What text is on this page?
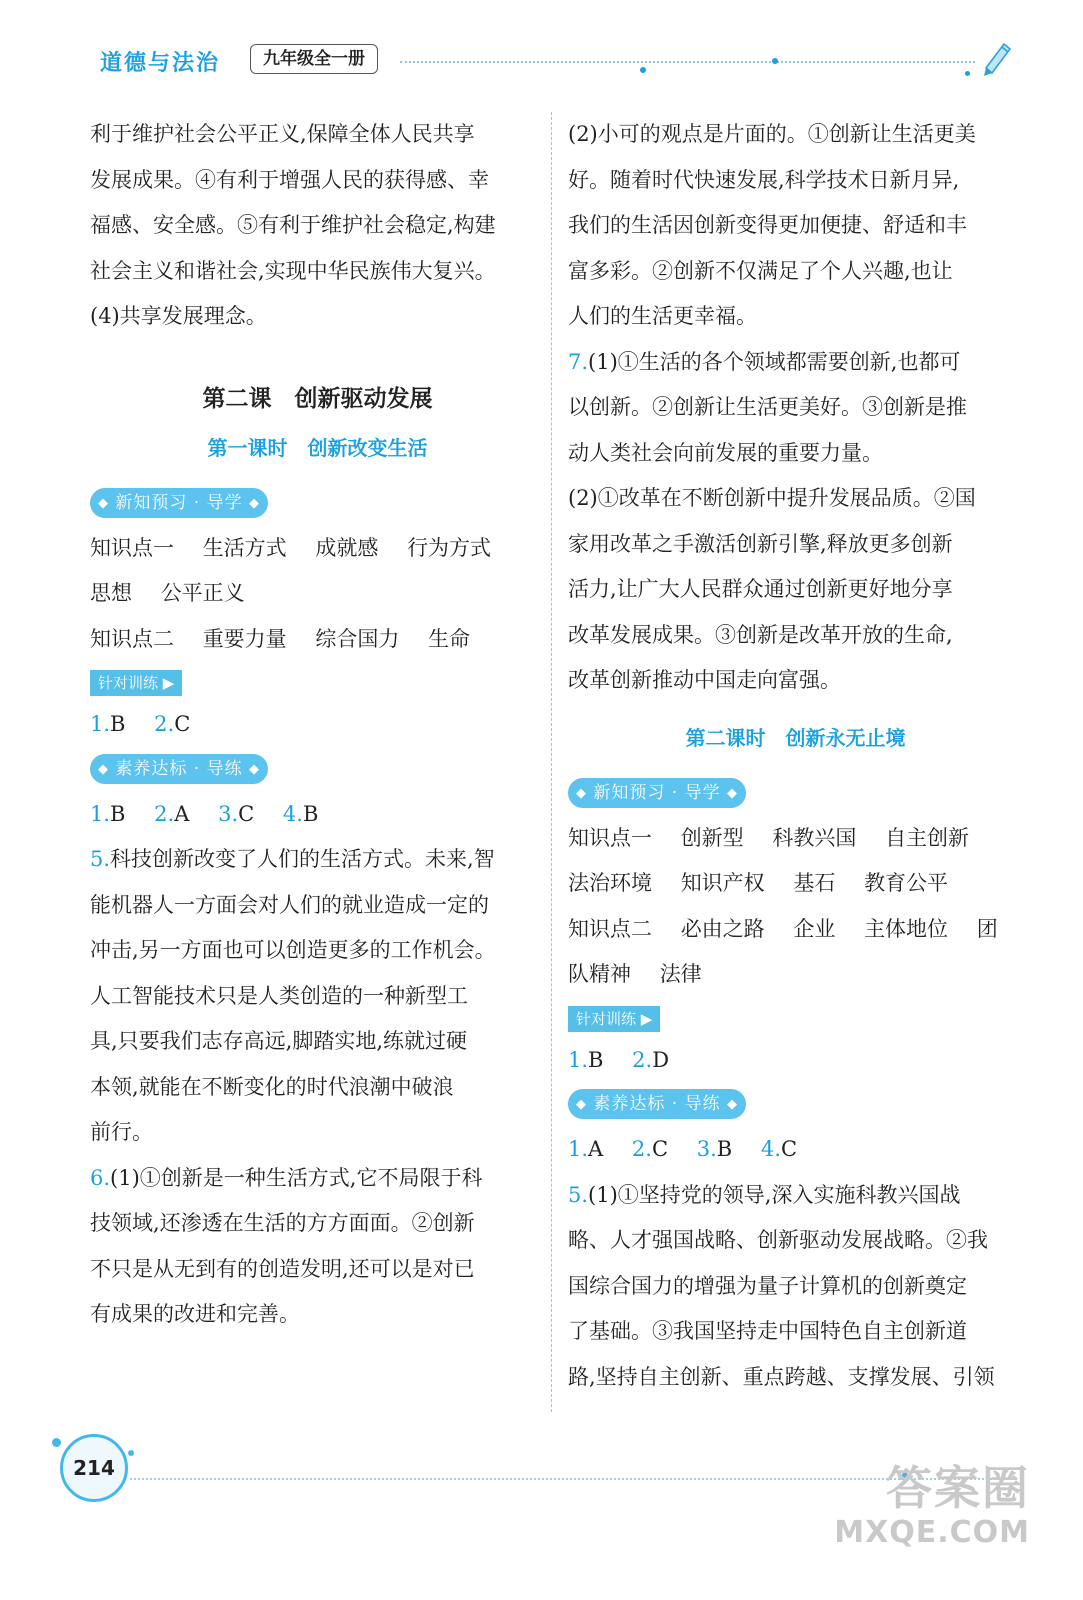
道德与法治	九年级全一册

利于维护社会公平正义,保障全体人民共享

发展成果。④有利于增强人民的获得感、幸

福感、安全感。⑤有利于维护社会稳定,构建

社会主义和谐社会,实现中华民族伟大复兴。

(4)共享发展理念。

第二课　创新驱动发展
第一课时　创新改变生活
◆ 新知预习 · 导学 ◆

知识点一 生活方式 成就感 行为方式

思想 公平正义

知识点二 重要力量 综合国力 生命

针对训练 ▶

1.B 2.C

◆ 素养达标 · 导练 ◆

1.B 2.A 3.C 4.B

5.科技创新改变了人们的生活方式。未来,智

能机器人一方面会对人们的就业造成一定的

冲击,另一方面也可以创造更多的工作机会。

人工智能技术只是人类创造的一种新型工

具,只要我们志存高远,脚踏实地,练就过硬

本领,就能在不断变化的时代浪潮中破浪

前行。

6.(1)①创新是一种生活方式,它不局限于科

技领域,还渗透在生活的方方面面。②创新

不只是从无到有的创造发明,还可以是对已

有成果的改进和完善。

(2)小可的观点是片面的。①创新让生活更美

好。随着时代快速发展,科学技术日新月异,

我们的生活因创新变得更加便捷、舒适和丰

富多彩。②创新不仅满足了个人兴趣,也让

人们的生活更幸福。

7.(1)①生活的各个领域都需要创新,也都可

以创新。②创新让生活更美好。③创新是推

动人类社会向前发展的重要力量。

(2)①改革在不断创新中提升发展品质。②国

家用改革之手激活创新引擎,释放更多创新

活力,让广大人民群众通过创新更好地分享

改革发展成果。③创新是改革开放的生命,

改革创新推动中国走向富强。

第二课时　创新永无止境
◆ 新知预习 · 导学 ◆

知识点一 创新型 科教兴国 自主创新

法治环境 知识产权 基石 教育公平

知识点二 必由之路 企业 主体地位 团

队精神 法律

针对训练 ▶

1.B 2.D

◆ 素养达标 · 导练 ◆

1.A 2.C 3.B 4.C

5.(1)①坚持党的领导,深入实施科教兴国战

略、人才强国战略、创新驱动发展战略。②我

国综合国力的增强为量子计算机的创新奠定

了基础。③我国坚持走中国特色自主创新道

路,坚持自主创新、重点跨越、支撑发展、引领

214	答案圈
MXQE.COM
